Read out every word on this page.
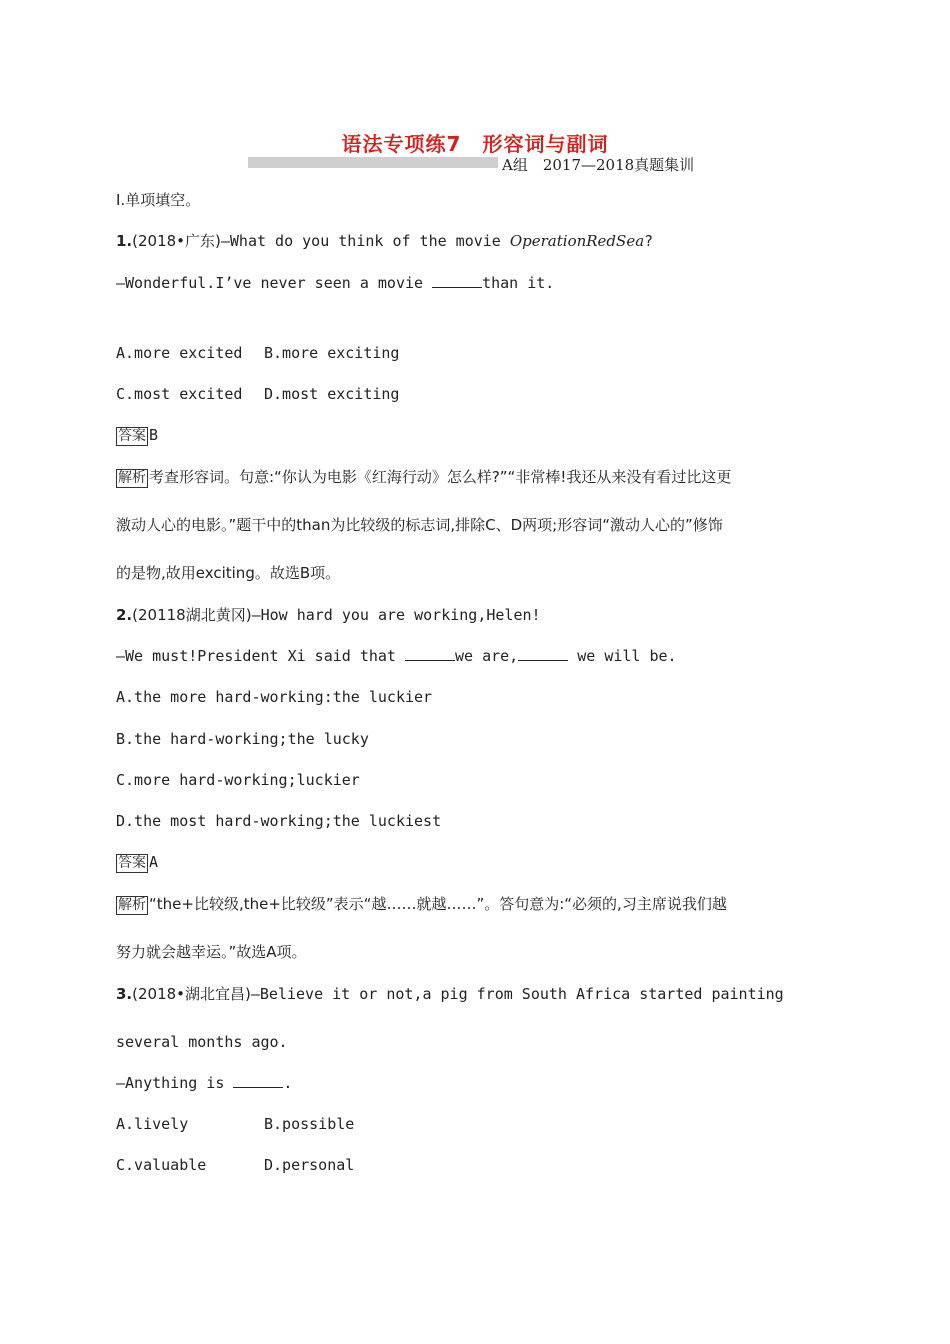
语法专项练7　形容词与副词
A组　2017—2018真题集训
Ⅰ.单项填空。
1.(2018•广东)—What do you think of the movie OperationRedSea?
—Wonderful.I’ve never seen a movie	than it.
A.more excited B.more exciting
C.most excited D.most exciting
答案 B
解析 考查形容词。句意:“你认为电影《红海行动》怎么样?”“非常棒!我还从来没有看过比这更
激动人心的电影。”题干中的than为比较级的标志词,排除C、D两项;形容词“激动人心的”修饰
的是物,故用exciting。故选B项。
2.(20118湖北黄冈)—How hard you are working,Helen!
—We must!President Xi said that	we are,	we will be.
A.the more hard-working:the luckier
B.the hard-working;the lucky
C.more hard-working;luckier
D.the most hard-working;the luckiest
答案 A
解析 “the+比较级,the+比较级”表示“越……就越……”。答句意为:“必须的,习主席说我们越
努力就会越幸运。”故选A项。
3.(2018•湖北宜昌)—Believe it or not,a pig from South Africa started painting
several months ago.
—Anything is	.
A.lively	B.possible
C.valuable	D.personal
